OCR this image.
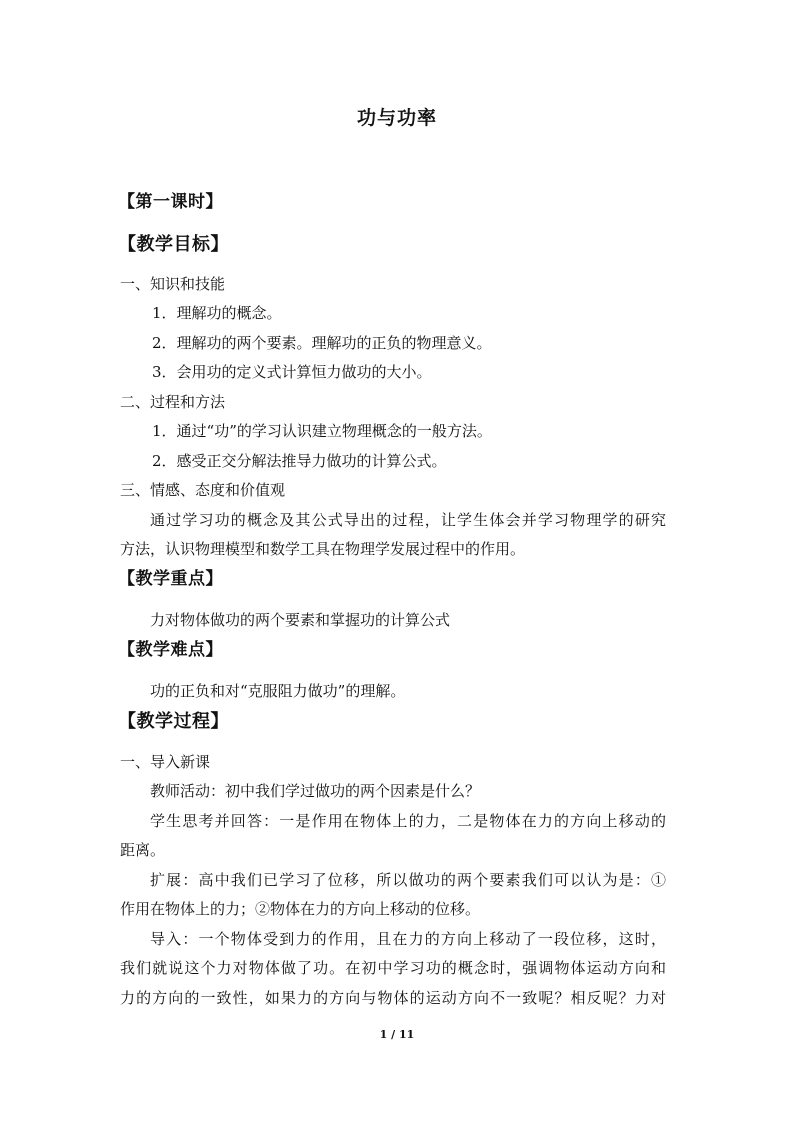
功与功率
【第一课时】
【教学目标】
一、知识和技能
1．理解功的概念。
2．理解功的两个要素。理解功的正负的物理意义。
3．会用功的定义式计算恒力做功的大小。
二、过程和方法
1．通过“功”的学习认识建立物理概念的一般方法。
2．感受正交分解法推导力做功的计算公式。
三、情感、态度和价值观
通过学习功的概念及其公式导出的过程，让学生体会并学习物理学的研究
方法，认识物理模型和数学工具在物理学发展过程中的作用。
【教学重点】
力对物体做功的两个要素和掌握功的计算公式
【教学难点】
功的正负和对“克服阻力做功”的理解。
【教学过程】
一、导入新课
教师活动：初中我们学过做功的两个因素是什么？
学生思考并回答：一是作用在物体上的力，二是物体在力的方向上移动的
距离。
扩展：高中我们已学习了位移，所以做功的两个要素我们可以认为是：①
作用在物体上的力；②物体在力的方向上移动的位移。
导入：一个物体受到力的作用，且在力的方向上移动了一段位移，这时，
我们就说这个力对物体做了功。在初中学习功的概念时，强调物体运动方向和
力的方向的一致性，如果力的方向与物体的运动方向不一致呢？相反呢？力对
1 / 11
